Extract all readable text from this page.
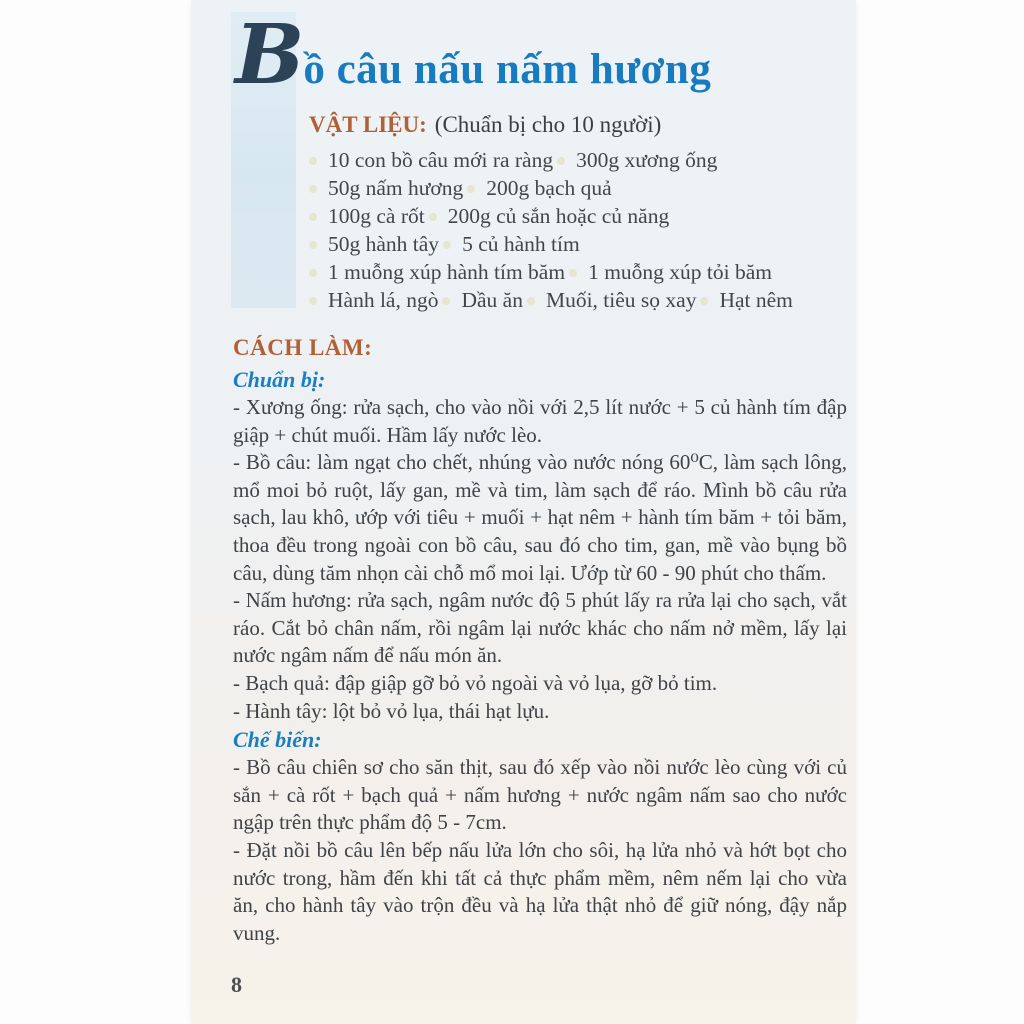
B ồ câu nấu nấm hương
VẬT LIỆU: (Chuẩn bị cho 10 người)
10 con bồ câu mới ra ràng 300g xương ống
50g nấm hương 200g bạch quả
100g cà rốt 200g củ sắn hoặc củ năng
50g hành tây 5 củ hành tím
1 muỗng xúp hành tím băm 1 muỗng xúp tỏi băm
Hành lá, ngò Dầu ăn Muối, tiêu sọ xay Hạt nêm
CÁCH LÀM:
Chuẩn bị:

- Xương ống: rửa sạch, cho vào nồi với 2,5 lít nước + 5 củ hành tím đập giập + chút muối. Hầm lấy nước lèo.

- Bồ câu: làm ngạt cho chết, nhúng vào nước nóng 60⁰C, làm sạch lông, mổ moi bỏ ruột, lấy gan, mề và tim, làm sạch để ráo. Mình bồ câu rửa sạch, lau khô, ướp với tiêu + muối + hạt nêm + hành tím băm + tỏi băm, thoa đều trong ngoài con bồ câu, sau đó cho tim, gan, mề vào bụng bồ câu, dùng tăm nhọn cài chỗ mổ moi lại. Ướp từ 60 - 90 phút cho thấm.

- Nấm hương: rửa sạch, ngâm nước độ 5 phút lấy ra rửa lại cho sạch, vắt ráo. Cắt bỏ chân nấm, rồi ngâm lại nước khác cho nấm nở mềm, lấy lại nước ngâm nấm để nấu món ăn.

- Bạch quả: đập giập gỡ bỏ vỏ ngoài và vỏ lụa, gỡ bỏ tim.

- Hành tây: lột bỏ vỏ lụa, thái hạt lựu.

Chế biến:

- Bồ câu chiên sơ cho săn thịt, sau đó xếp vào nồi nước lèo cùng với củ sắn + cà rốt + bạch quả + nấm hương + nước ngâm nấm sao cho nước ngập trên thực phẩm độ 5 - 7cm.

- Đặt nồi bồ câu lên bếp nấu lửa lớn cho sôi, hạ lửa nhỏ và hớt bọt cho nước trong, hầm đến khi tất cả thực phẩm mềm, nêm nếm lại cho vừa ăn, cho hành tây vào trộn đều và hạ lửa thật nhỏ để giữ nóng, đậy nắp vung.

8
